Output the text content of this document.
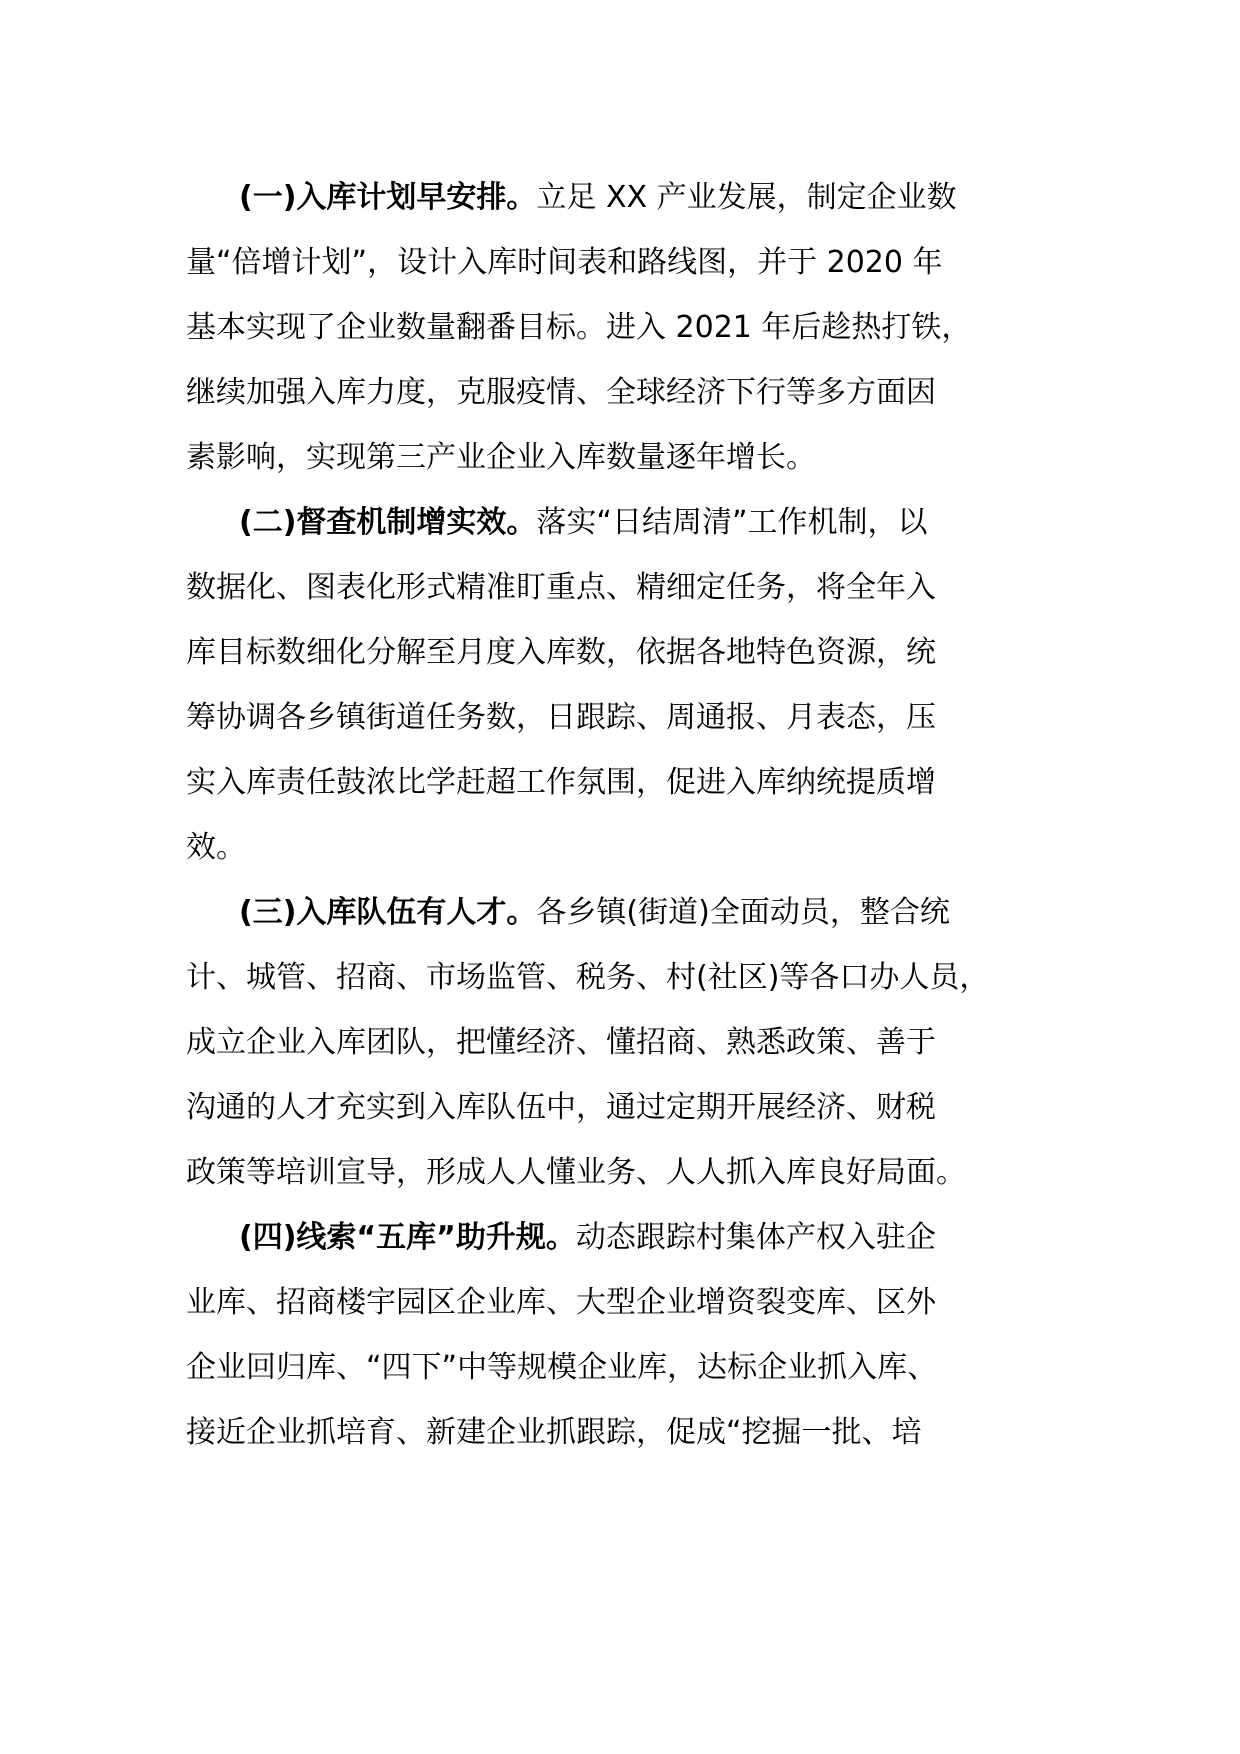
(一)入库计划早安排。立足 XX 产业发展，制定企业数
量“倍增计划”，设计入库时间表和路线图，并于 2020 年
基本实现了企业数量翻番目标。进入 2021 年后趁热打铁，
继续加强入库力度，克服疫情、全球经济下行等多方面因
素影响，实现第三产业企业入库数量逐年增长。
(二)督查机制增实效。落实“日结周清”工作机制，以
数据化、图表化形式精准盯重点、精细定任务，将全年入
库目标数细化分解至月度入库数，依据各地特色资源，统
筹协调各乡镇街道任务数，日跟踪、周通报、月表态，压
实入库责任鼓浓比学赶超工作氛围，促进入库纳统提质增
效。
(三)入库队伍有人才。各乡镇(街道)全面动员，整合统
计、城管、招商、市场监管、税务、村(社区)等各口办人员，
成立企业入库团队，把懂经济、懂招商、熟悉政策、善于
沟通的人才充实到入库队伍中，通过定期开展经济、财税
政策等培训宣导，形成人人懂业务、人人抓入库良好局面。
(四)线索“五库”助升规。动态跟踪村集体产权入驻企
业库、招商楼宇园区企业库、大型企业增资裂变库、区外
企业回归库、“四下”中等规模企业库，达标企业抓入库、
接近企业抓培育、新建企业抓跟踪，促成“挖掘一批、培
